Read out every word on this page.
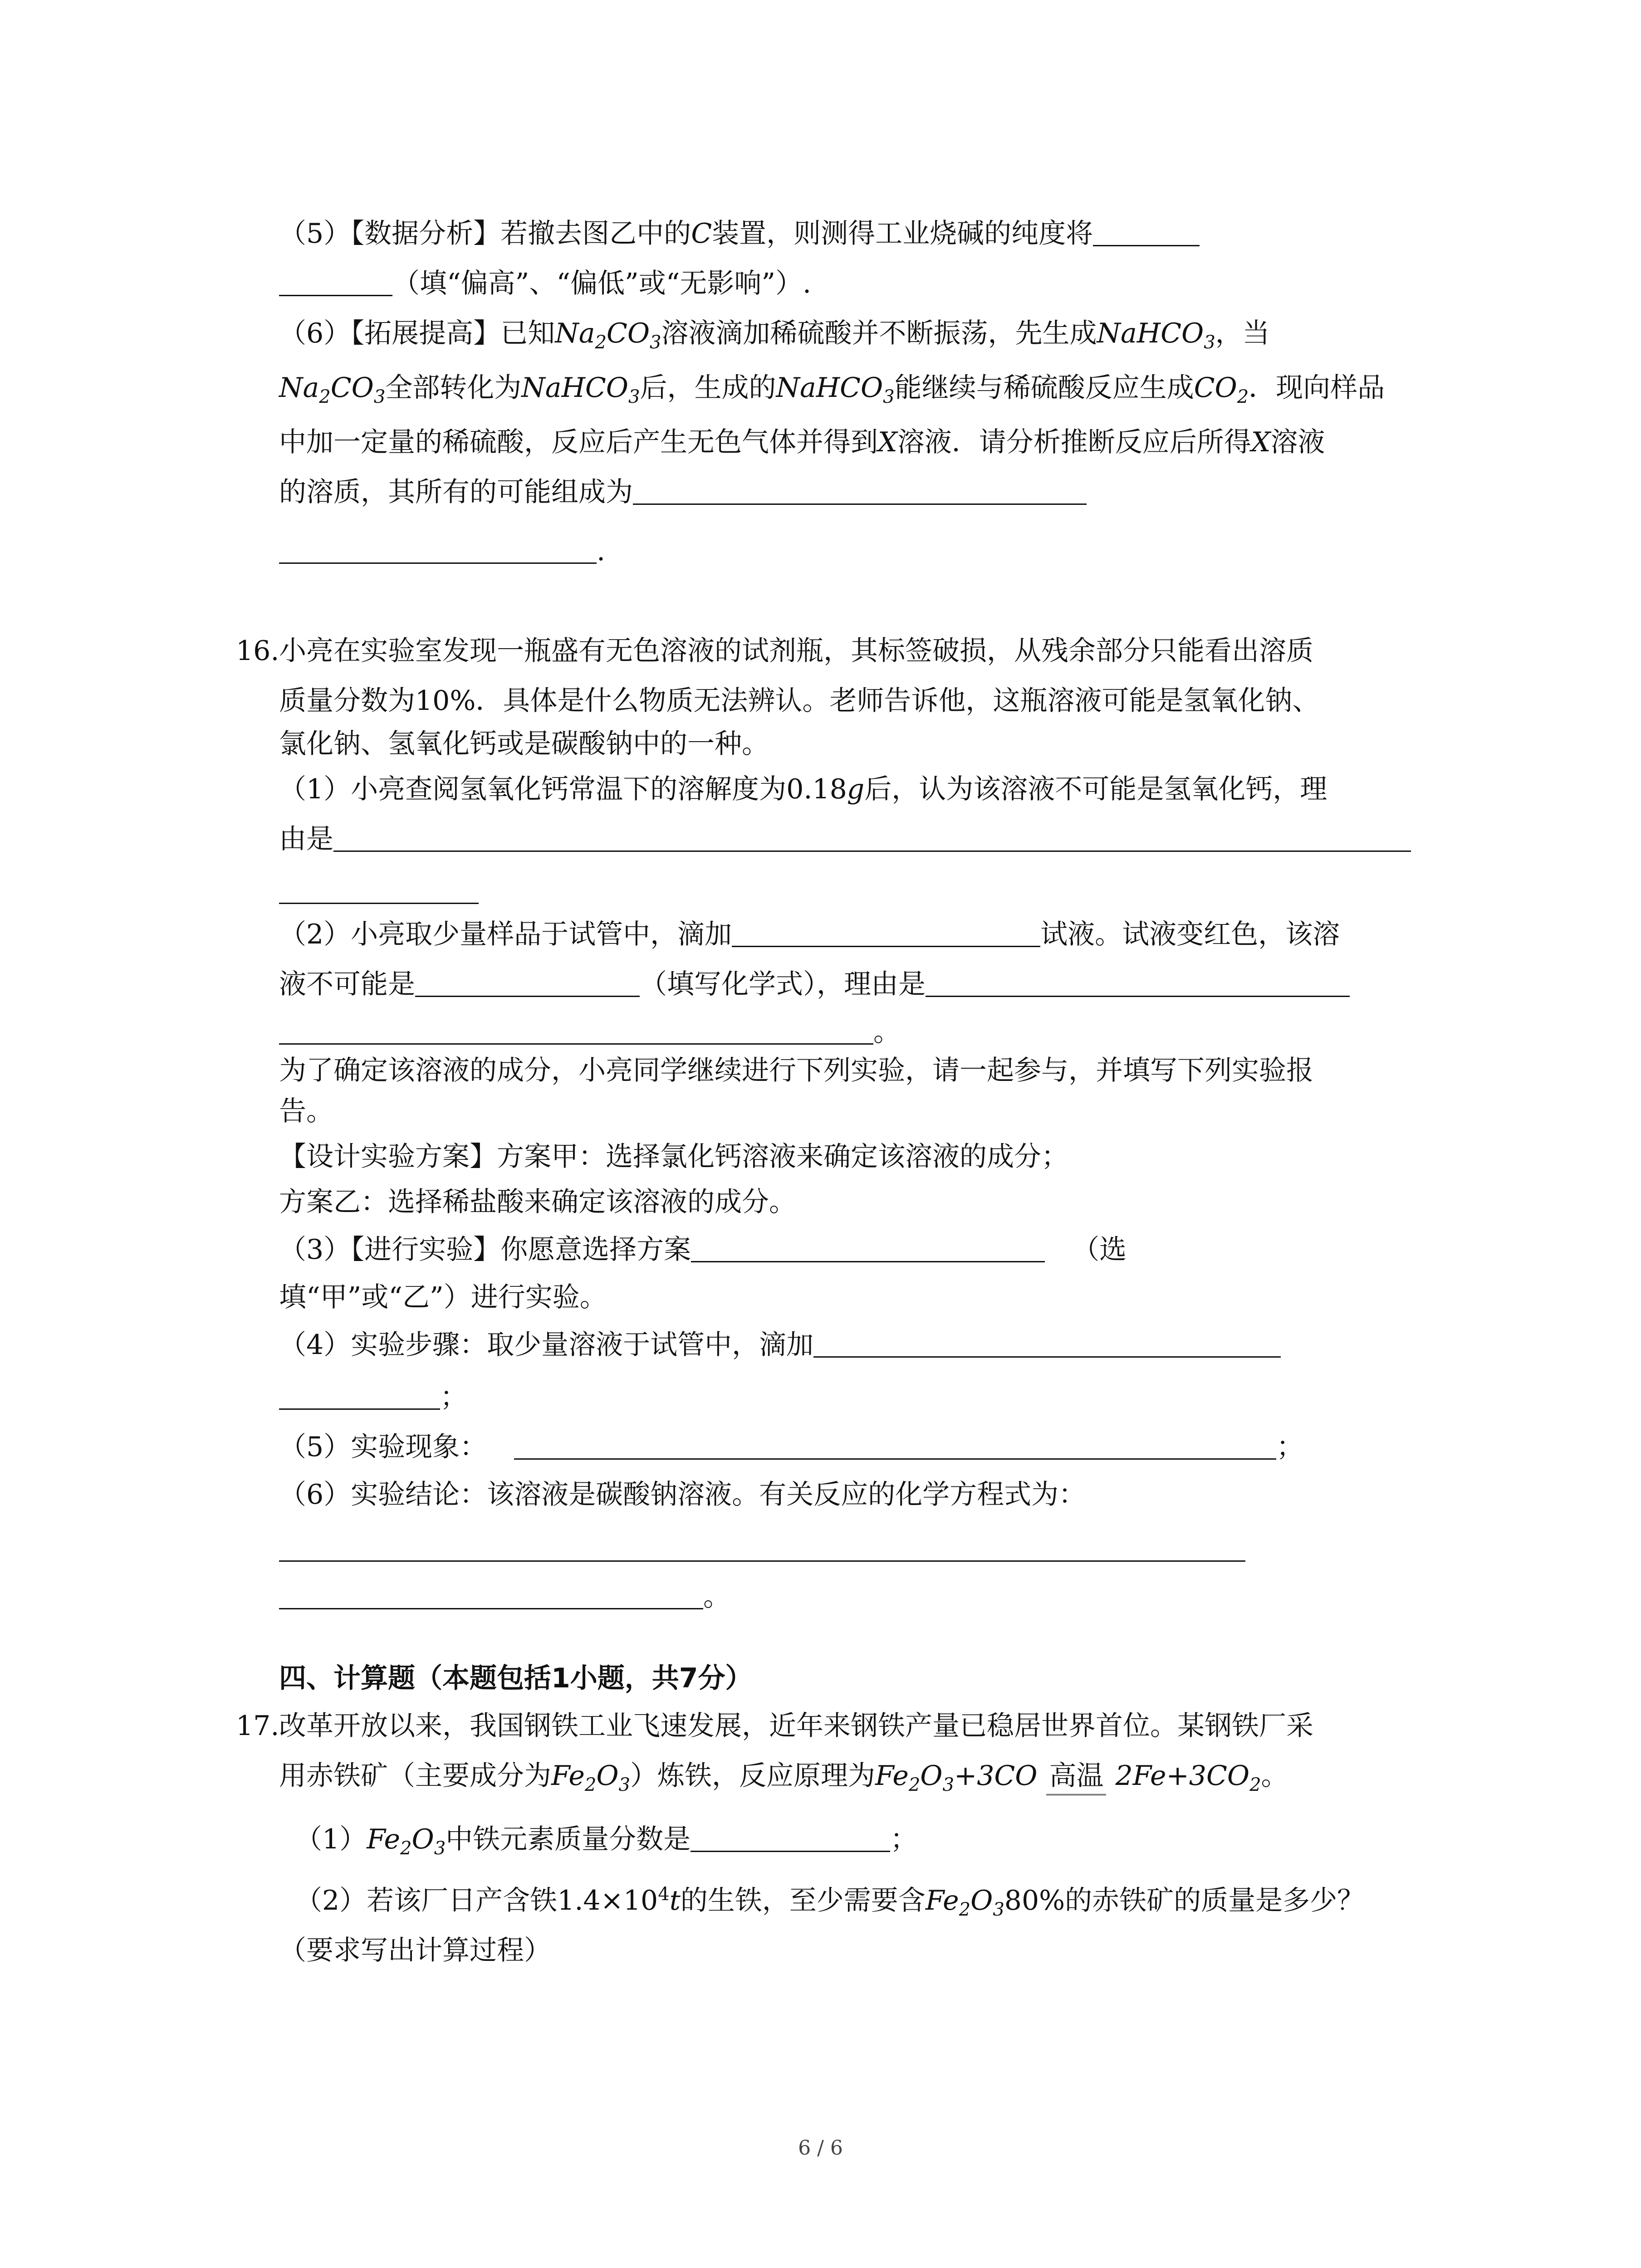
（5）【数据分析】若撤去图乙中的C装置，则测得工业烧碱的纯度将
（填“偏高”、“偏低”或“无影响”）.
（6）【拓展提高】已知$Na_2CO_3$溶液滴加稀硫酸并不断振荡，先生成NaHCO$_3$，当
$Na_2CO_3$全部转化为NaHCO$_3$后，生成的NaHCO$_3$能继续与稀硫酸反应生成$CO_2$．现向样品
中加一定量的稀硫酸，反应后产生无色气体并得到X溶液．请分析推断反应后所得X溶液
的溶质，其所有的可能组成为
.
16. 小亮在实验室发现一瓶盛有无色溶液的试剂瓶，其标签破损，从残余部分只能看出溶质
质量分数为10%．具体是什么物质无法辨认。老师告诉他，这瓶溶液可能是氢氧化钠、
氯化钠、氢氧化钙或是碳酸钠中的一种。
（1）小亮查阅氢氧化钙常温下的溶解度为0.18g后，认为该溶液不可能是氢氧化钙，理
由是
（2）小亮取少量样品于试管中，滴加	试液。试液变红色，该溶
液不可能是	（填写化学式），理由是
。
为了确定该溶液的成分，小亮同学继续进行下列实验，请一起参与，并填写下列实验报
告。
【设计实验方案】方案甲：选择氯化钙溶液来确定该溶液的成分；
方案乙：选择稀盐酸来确定该溶液的成分。
（3）【进行实验】你愿意选择方案	（选
填“甲”或“乙”）进行实验。
（4）实验步骤：取少量溶液于试管中，滴加
；
（5）实验现象：	；
（6）实验结论：该溶液是碳酸钠溶液。有关反应的化学方程式为：
。
四、计算题（本题包括1小题，共7分）
17. 改革开放以来，我国钢铁工业飞速发展，近年来钢铁产量已稳居世界首位。某钢铁厂采
用赤铁矿（主要成分为$Fe_2O_3$）炼铁，反应原理为$Fe_2O_3+3CO$ 高温 $2Fe+3CO_2$。
$(1)Fe_2O_3$中铁元素质量分数是	；
（2）若该厂日产含铁$1.4\times 10^4t$的生铁，至少需要含$Fe_2O_380\%$的赤铁矿的质量是多少？
（要求写出计算过程）
6 / 6
